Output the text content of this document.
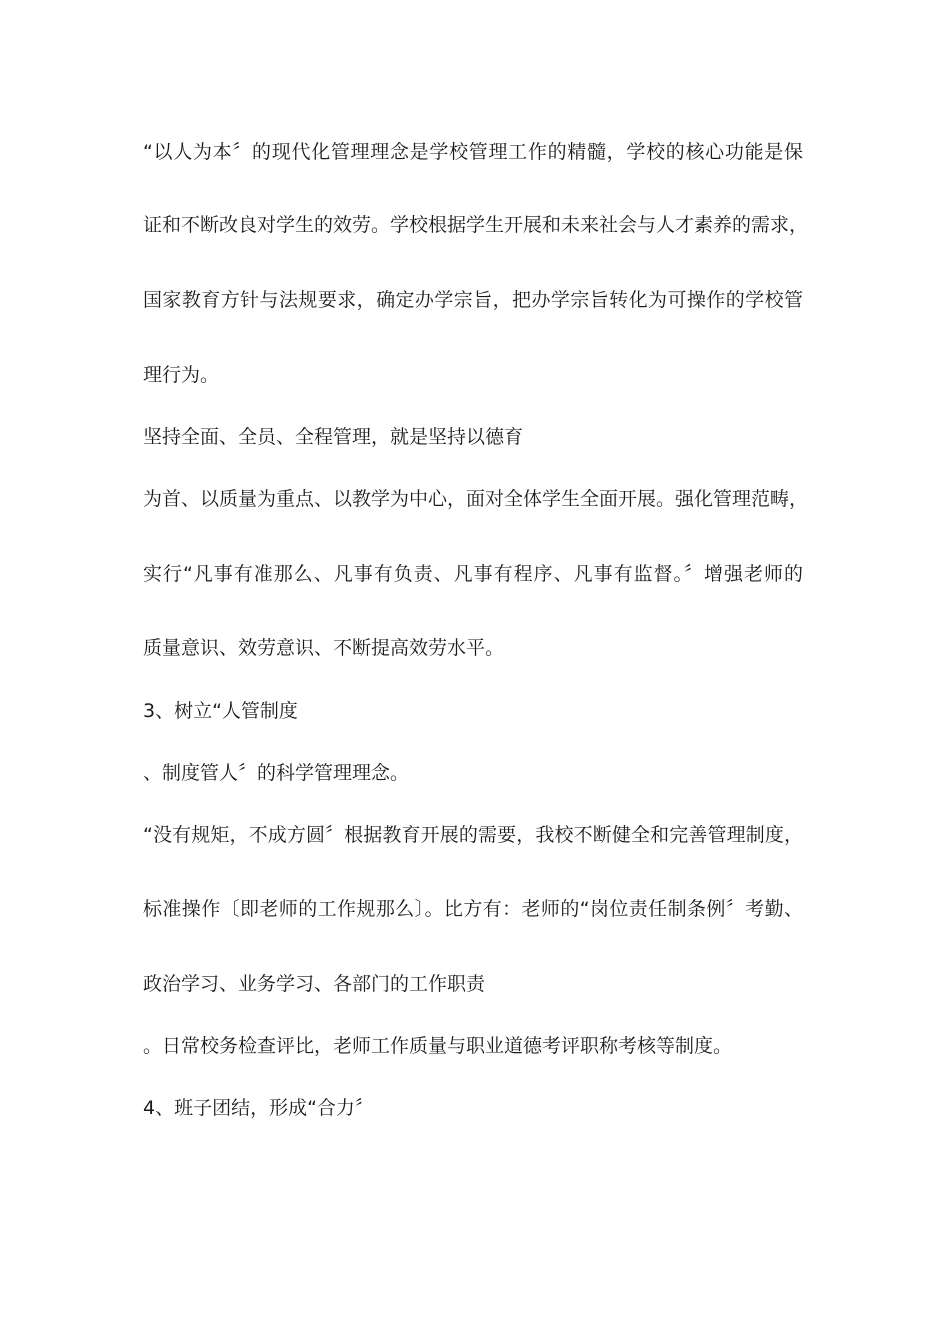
“以人为本〞的现代化管理理念是学校管理工作的精髓，学校的核心功能是保
证和不断改良对学生的效劳。学校根据学生开展和未来社会与人才素养的需求，
国家教育方针与法规要求，确定办学宗旨，把办学宗旨转化为可操作的学校管
理行为。
坚持全面、全员、全程管理，就是坚持以德育
为首、以质量为重点、以教学为中心，面对全体学生全面开展。强化管理范畴，
实行“凡事有准那么、凡事有负责、凡事有程序、凡事有监督。〞增强老师的
质量意识、效劳意识、不断提高效劳水平。
3、树立“人管制度
、制度管人〞的科学管理理念。
“没有规矩，不成方圆〞根据教育开展的需要，我校不断健全和完善管理制度，
标准操作〔即老师的工作规那么〕。比方有：老师的“岗位责任制条例〞考勤、
政治学习、业务学习、各部门的工作职责
。日常校务检查评比，老师工作质量与职业道德考评职称考核等制度。
4、班子团结，形成“合力〞
